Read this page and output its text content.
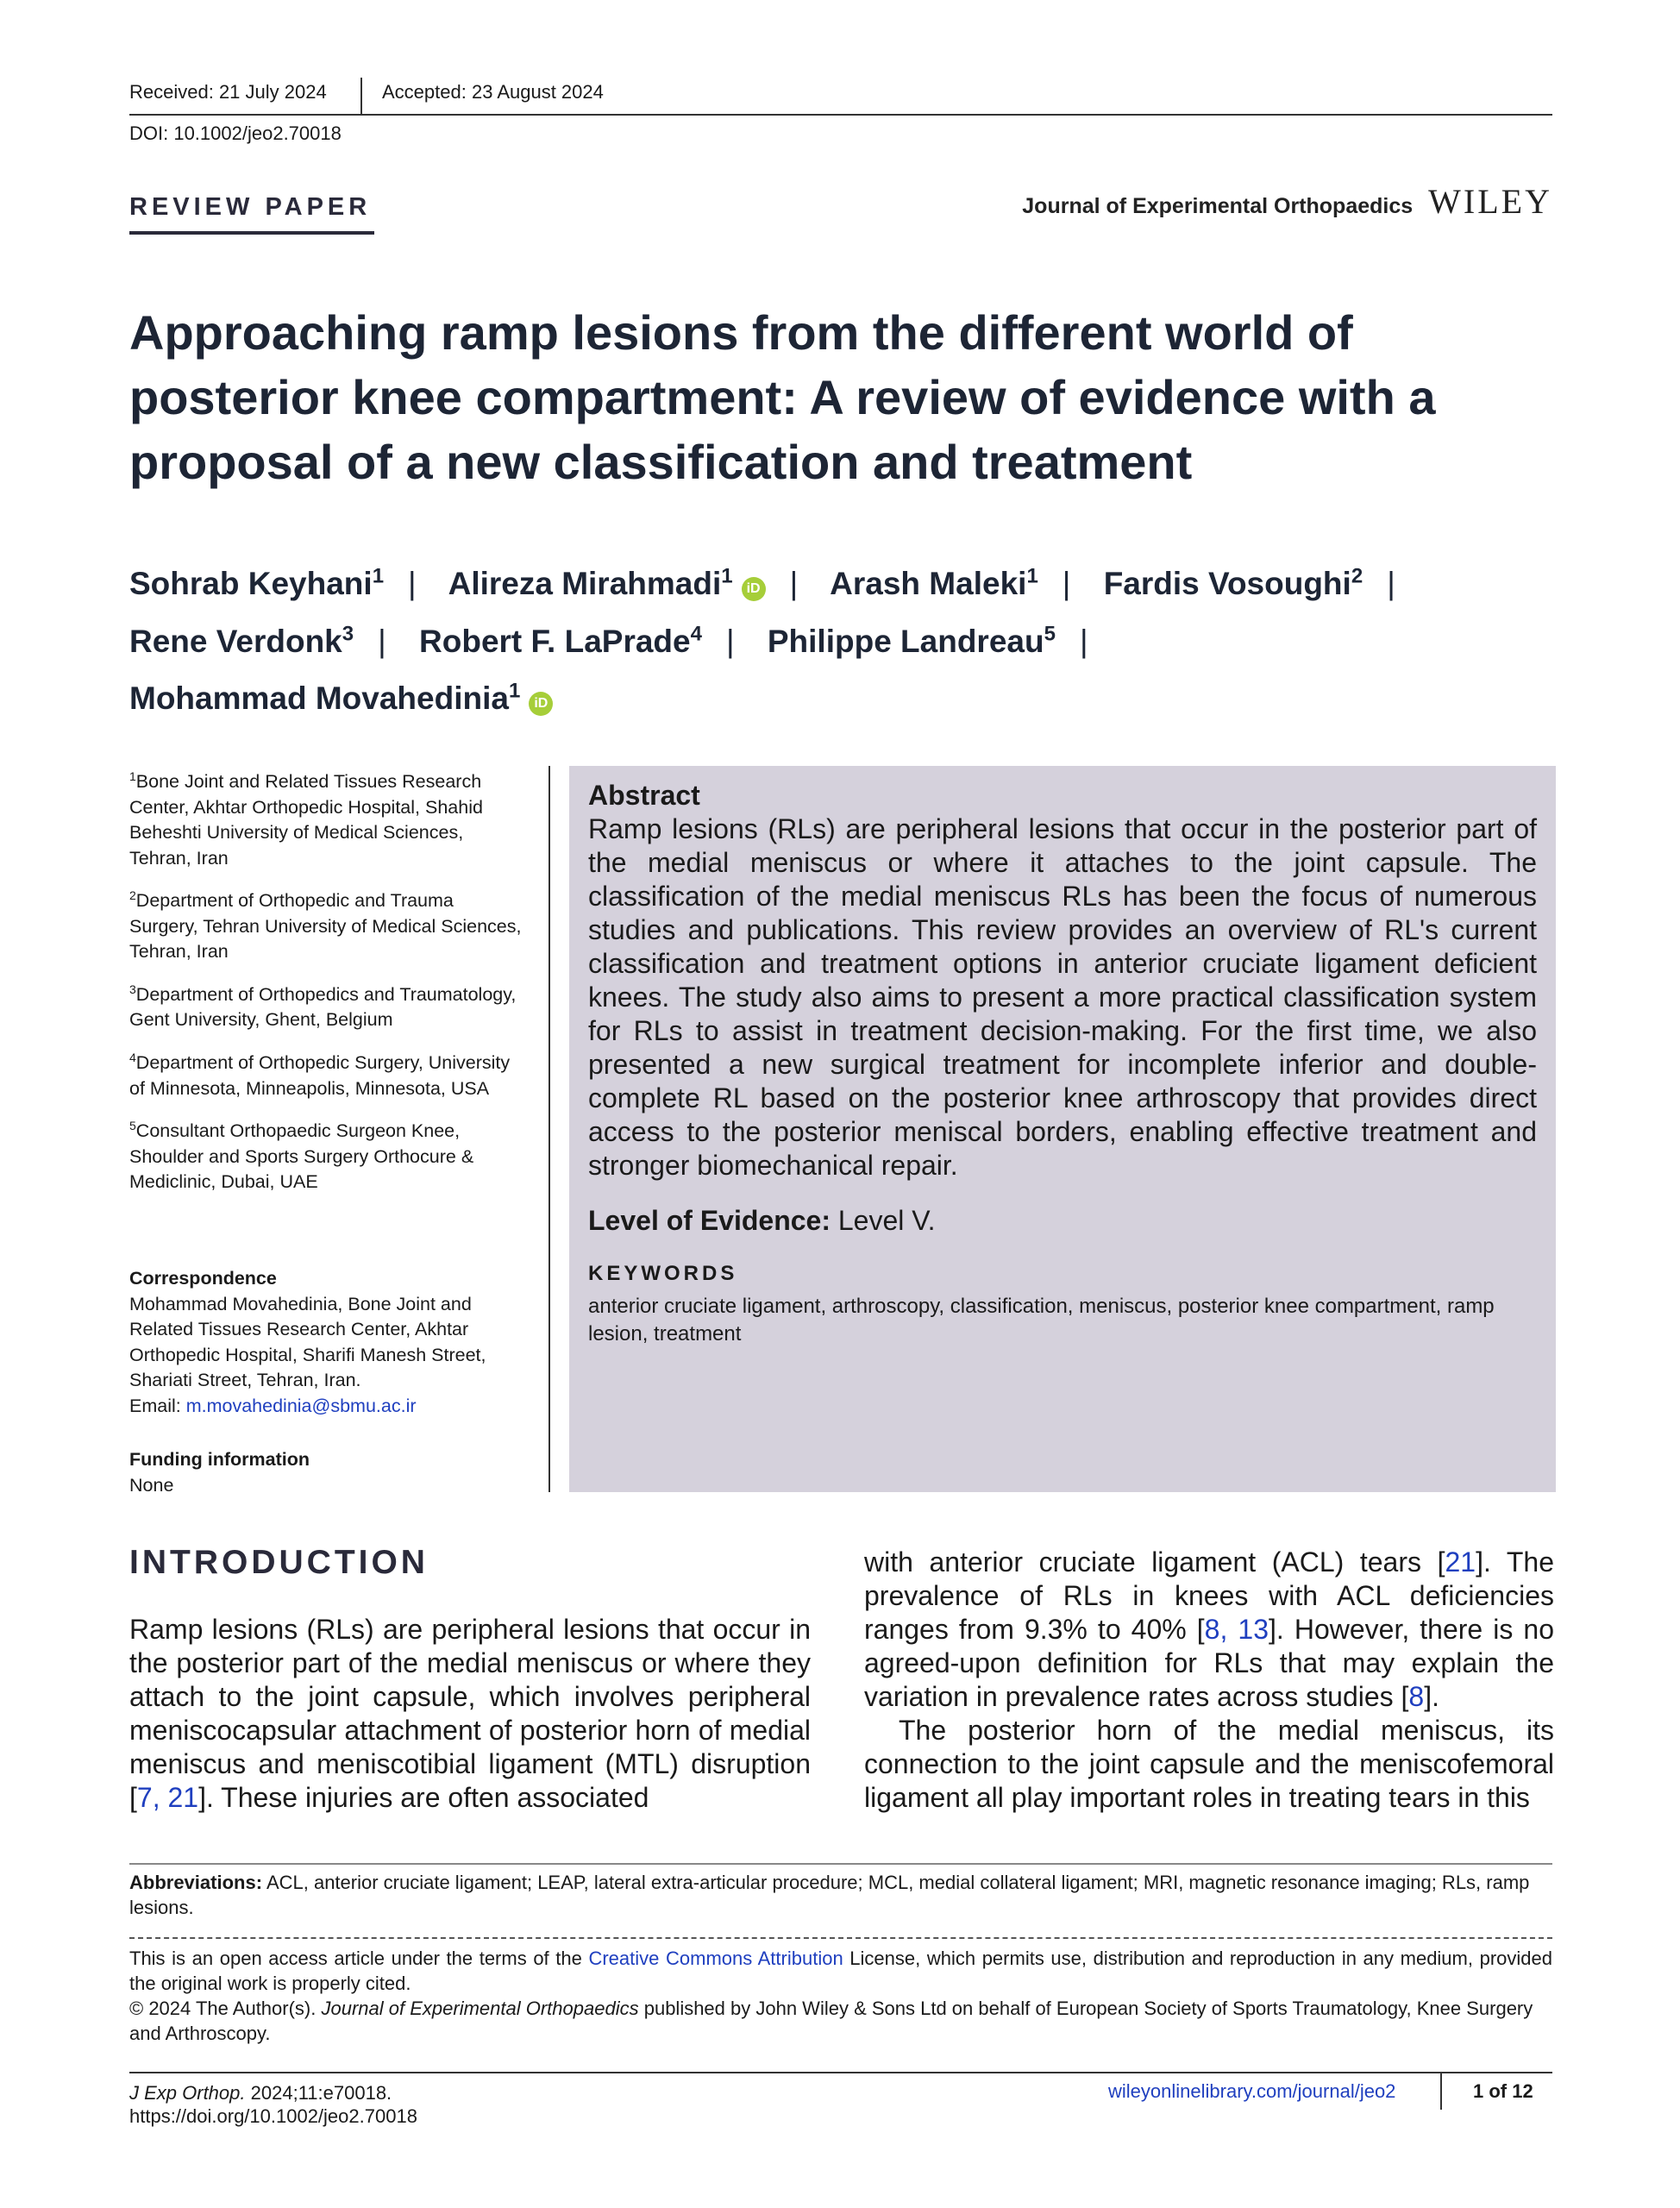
Received: 21 July 2024	Accepted: 23 August 2024
DOI: 10.1002/jeo2.70018
REVIEW PAPER	Journal of Experimental Orthopaedics WILEY
Approaching ramp lesions from the different world of posterior knee compartment: A review of evidence with a proposal of a new classification and treatment
Sohrab Keyhani$^1$ | Alireza Mirahmadi$^1$iD | Arash Maleki$^1$ | Fardis Vosoughi$^2$ |
Rene Verdonk$^3$ | Robert F. LaPrade$^4$ | Philippe Landreau$^5$ |
Mohammad Movahedinia$^1$iD
$^1$Bone Joint and Related Tissues Research Center, Akhtar Orthopedic Hospital, Shahid Beheshti University of Medical Sciences, Tehran, Iran
$^2$Department of Orthopedic and Trauma Surgery, Tehran University of Medical Sciences, Tehran, Iran
$^3$Department of Orthopedics and Traumatology, Gent University, Ghent, Belgium
$^4$Department of Orthopedic Surgery, University of Minnesota, Minneapolis, Minnesota, USA
$^5$Consultant Orthopaedic Surgeon Knee, Shoulder and Sports Surgery Orthocure & Mediclinic, Dubai, UAE
Correspondence
Mohammad Movahedinia, Bone Joint and Related Tissues Research Center, Akhtar Orthopedic Hospital, Sharifi Manesh Street, Shariati Street, Tehran, Iran.
Email: m.movahedinia@sbmu.ac.ir
Funding information
None
Abstract
Ramp lesions (RLs) are peripheral lesions that occur in the posterior part of the medial meniscus or where it attaches to the joint capsule. The classification of the medial meniscus RLs has been the focus of numerous studies and publications. This review provides an overview of RL's current classification and treatment options in anterior cruciate ligament deficient knees. The study also aims to present a more practical classification system for RLs to assist in treatment decision-making. For the first time, we also presented a new surgical treatment for incomplete inferior and double-complete RL based on the posterior knee arthroscopy that provides direct access to the posterior meniscal borders, enabling effective treatment and stronger biomechanical repair.
Level of Evidence: Level V.
KEYWORDS
anterior cruciate ligament, arthroscopy, classification, meniscus, posterior knee compartment, ramp lesion, treatment
INTRODUCTION
Ramp lesions (RLs) are peripheral lesions that occur in the posterior part of the medial meniscus or where they attach to the joint capsule, which involves peripheral meniscocapsular attachment of posterior horn of medial meniscus and meniscotibial ligament (MTL) disruption [7, 21]. These injuries are often associated

with anterior cruciate ligament (ACL) tears [21]. The prevalence of RLs in knees with ACL deficiencies ranges from 9.3% to 40% [8, 13]. However, there is no agreed-upon definition for RLs that may explain the variation in prevalence rates across studies [8].

The posterior horn of the medial meniscus, its connection to the joint capsule and the meniscofemoral ligament all play important roles in treating tears in this

Abbreviations: ACL, anterior cruciate ligament; LEAP, lateral extra-articular procedure; MCL, medial collateral ligament; MRI, magnetic resonance imaging; RLs, ramp lesions.
This is an open access article under the terms of the Creative Commons Attribution License, which permits use, distribution and reproduction in any medium, provided the original work is properly cited.
© 2024 The Author(s). Journal of Experimental Orthopaedics published by John Wiley & Sons Ltd on behalf of European Society of Sports Traumatology, Knee Surgery and Arthroscopy.
J Exp Orthop. 2024;11:e70018.
https://doi.org/10.1002/jeo2.70018
wileyonlinelibrary.com/journal/jeo2	1 of 12
